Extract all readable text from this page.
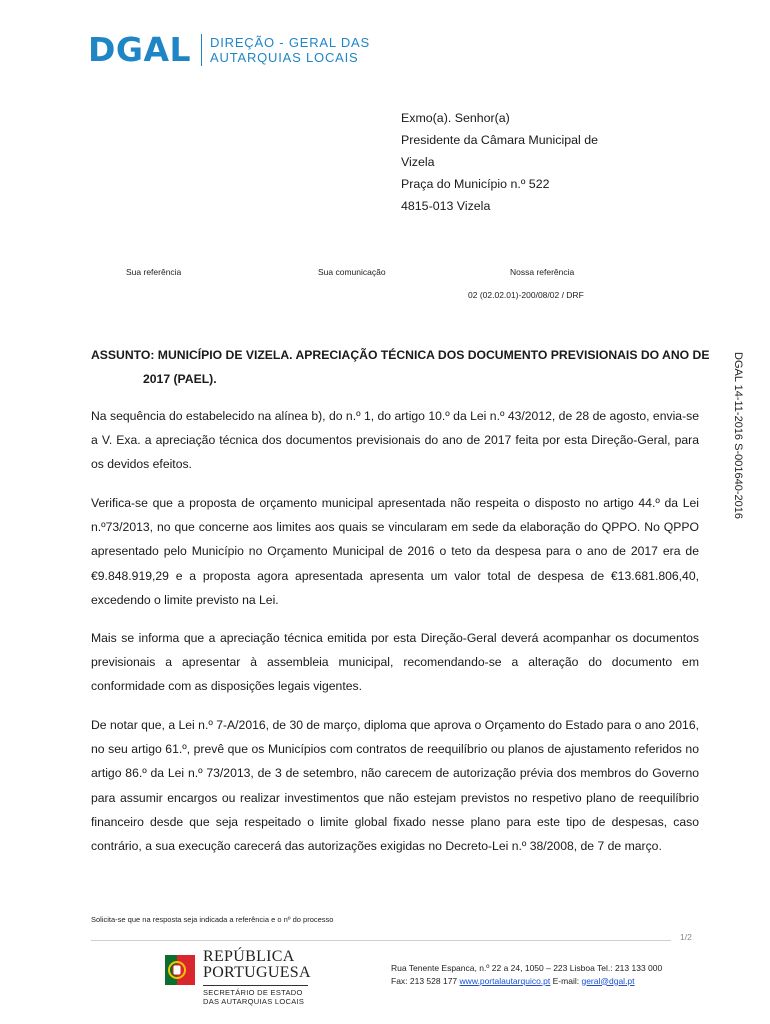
DGAL DIREÇÃO - GERAL DAS
AUTARQUIAS LOCAIS
Exmo(a). Senhor(a)
Presidente da Câmara Municipal de
Vizela
Praça do Município n.º 522
4815-013 Vizela
Sua referência	Sua comunicação	Nossa referência
02 (02.02.01)-200/08/02 / DRF
ASSUNTO: MUNICÍPIO DE VIZELA. APRECIAÇÃO TÉCNICA DOS DOCUMENTO PREVISIONAIS DO ANO DE
2017 (PAEL).
Na sequência do estabelecido na alínea b), do n.º 1, do artigo 10.º da Lei n.º 43/2012, de 28 de agosto, envia-se a V. Exa. a apreciação técnica dos documentos previsionais do ano de 2017 feita por esta Direção-Geral, para os devidos efeitos.
Verifica-se que a proposta de orçamento municipal apresentada não respeita o disposto no artigo 44.º da Lei n.º73/2013, no que concerne aos limites aos quais se vincularam em sede da elaboração do QPPO. No QPPO apresentado pelo Município no Orçamento Municipal de 2016 o teto da despesa para o ano de 2017 era de €9.848.919,29 e a proposta agora apresentada apresenta um valor total de despesa de €13.681.806,40, excedendo o limite previsto na Lei.
Mais se informa que a apreciação técnica emitida por esta Direção-Geral deverá acompanhar os documentos previsionais a apresentar à assembleia municipal, recomendando-se a alteração do documento em conformidade com as disposições legais vigentes.
De notar que, a Lei n.º 7-A/2016, de 30 de março, diploma que aprova o Orçamento do Estado para o ano 2016, no seu artigo 61.º, prevê que os Municípios com contratos de reequilíbrio ou planos de ajustamento referidos no artigo 86.º da Lei n.º 73/2013, de 3 de setembro, não carecem de autorização prévia dos membros do Governo para assumir encargos ou realizar investimentos que não estejam previstos no respetivo plano de reequilíbrio financeiro desde que seja respeitado o limite global fixado nesse plano para este tipo de despesas, caso contrário, a sua execução carecerá das autorizações exigidas no Decreto-Lei n.º 38/2008, de 7 de março.
DGAL 14-11-2016 S-001640-2016
Solicita-se que na resposta seja indicada a referência e o nº do processo
1/2
REPÚBLICA
PORTUGUESA
SECRETÁRIO DE ESTADO
DAS AUTARQUIAS LOCAIS
Rua Tenente Espanca, n.º 22 a 24, 1050 – 223 Lisboa Tel.: 213 133 000
Fax: 213 528 177 www.portalautarquico.pt E-mail: geral@dgal.pt
